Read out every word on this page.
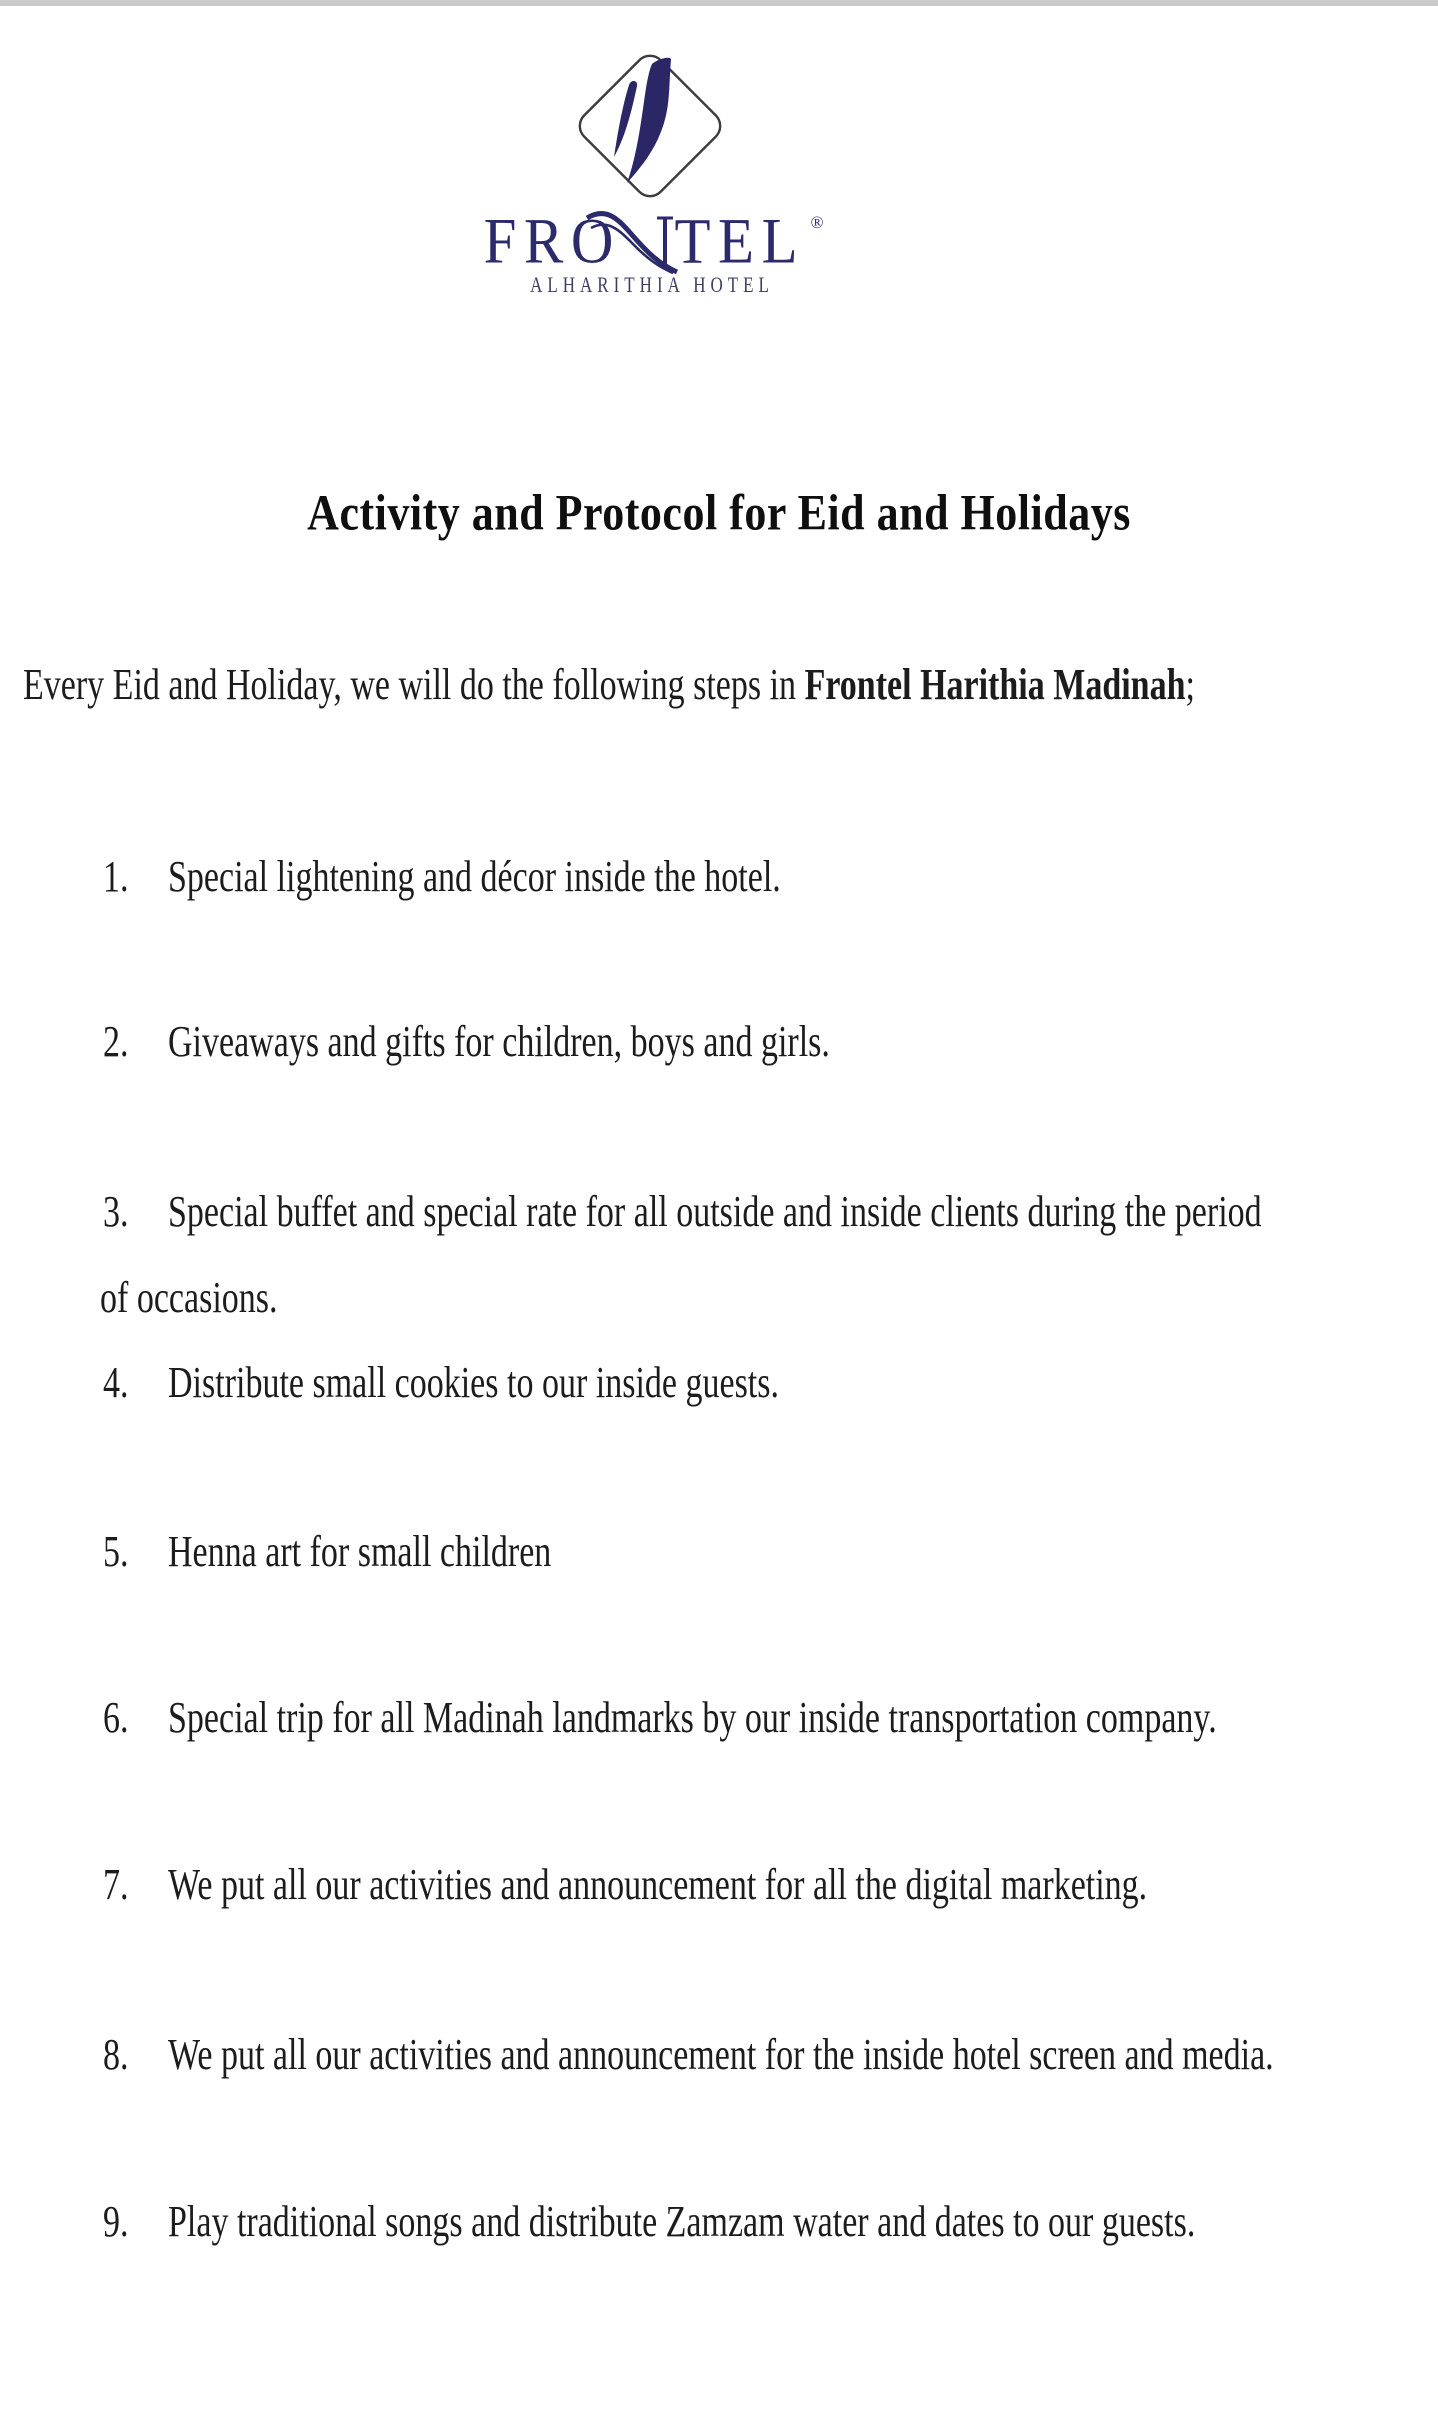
FRO TEL ®
ALHARITHIA HOTEL
Activity and Protocol for Eid and Holidays

Every Eid and Holiday, we will do the following steps in Frontel Harithia Madinah;

1. Special lightening and décor inside the hotel.

2. Giveaways and gifts for children, boys and girls.

3. Special buffet and special rate for all outside and inside clients during the period

of occasions.

4. Distribute small cookies to our inside guests.

5. Henna art for small children

6. Special trip for all Madinah landmarks by our inside transportation company.

7. We put all our activities and announcement for all the digital marketing.

8. We put all our activities and announcement for the inside hotel screen and media.

9. Play traditional songs and distribute Zamzam water and dates to our guests.
